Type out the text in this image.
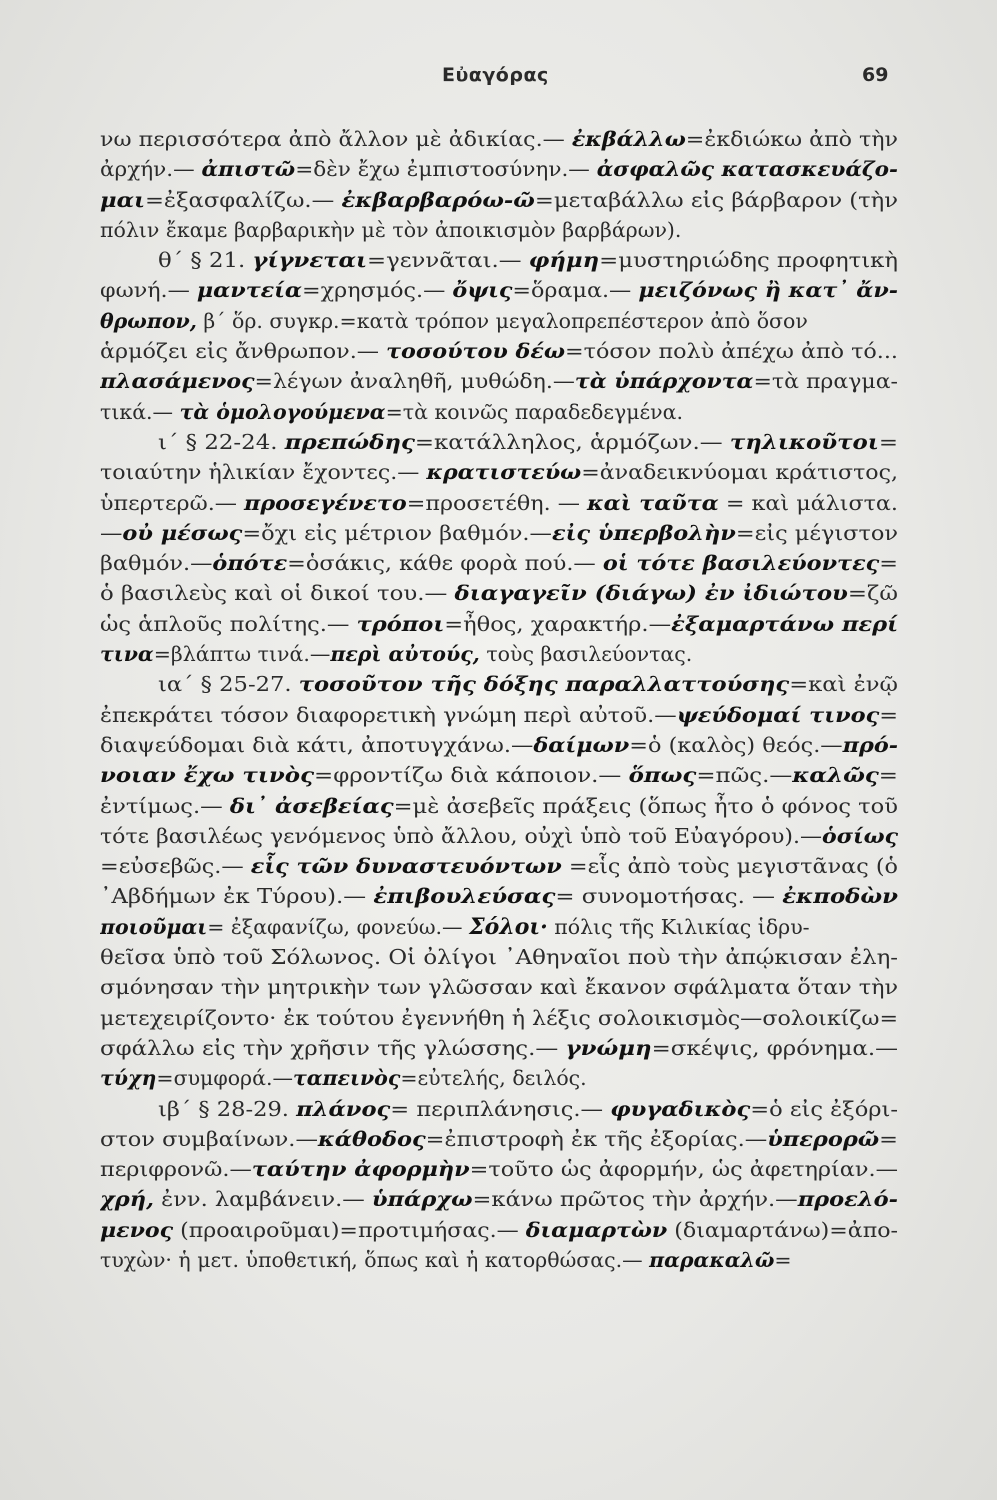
Εὐαγόρας	69
νω περισσότερα ἀπὸ ἄλλον μὲ ἀδικίας.— ἐκβάλλω=ἐκδιώκω ἀπὸ τὴν
ἀρχήν.— ἀπιστῶ=δὲν ἔχω ἐμπιστοσύνην.— ἀσφαλῶς κατασκευάζο-
μαι=ἐξασφαλίζω.— ἐκβαρβαρόω-ῶ=μεταβάλλω εἰς βάρβαρον (τὴν
πόλιν ἔκαμε βαρβαρικὴν μὲ τὸν ἀποικισμὸν βαρβάρων).
θ´ § 21. γίγνεται=γεννᾶται.— φήμη=μυστηριώδης προφητικὴ
φωνή.— μαντεία=χρησμός.— ὄψις=ὅραμα.— μειζόνως ἢ κατ᾽ ἄν-
θρωπον, β´ ὅρ. συγκρ.=κατὰ τρόπον μεγαλοπρεπέστερον ἀπὸ ὅσον
ἁρμόζει εἰς ἄνθρωπον.— τοσούτου δέω=τόσον πολὺ ἀπέχω ἀπὸ τό...
πλασάμενος=λέγων ἀναληθῆ, μυθώδη.—τὰ ὑπάρχοντα=τὰ πραγμα-
τικά.— τὰ ὁμολογούμενα=τὰ κοινῶς παραδεδεγμένα.
ι´ § 22-24. πρεπώδης=κατάλληλος, ἁρμόζων.— τηλικοῦτοι=
τοιαύτην ἡλικίαν ἔχοντες.— κρατιστεύω=ἀναδεικνύομαι κράτιστος,
ὑπερτερῶ.— προσεγένετο=προσετέθη. — καὶ ταῦτα = καὶ μάλιστα.
—οὐ μέσως=ὄχι εἰς μέτριον βαθμόν.—εἰς ὑπερβολὴν=εἰς μέγιστον
βαθμόν.—ὁπότε=ὁσάκις, κάθε φορὰ πού.— οἱ τότε βασιλεύοντες=
ὁ βασιλεὺς καὶ οἱ δικοί του.— διαγαγεῖν (διάγω) ἐν ἰδιώτου=ζῶ
ὡς ἁπλοῦς πολίτης.— τρόποι=ἦθος, χαρακτήρ.—ἐξαμαρτάνω περί
τινα=βλάπτω τινά.—περὶ αὐτούς, τοὺς βασιλεύοντας.
ια´ § 25-27. τοσοῦτον τῆς δόξης παραλλαττούσης=καὶ ἐνῷ
ἐπεκράτει τόσον διαφορετικὴ γνώμη περὶ αὐτοῦ.—ψεύδομαί τινος=
διαψεύδομαι διὰ κάτι, ἀποτυγχάνω.—δαίμων=ὁ (καλὸς) θεός.—πρό-
νοιαν ἔχω τινὸς=φροντίζω διὰ κάποιον.— ὅπως=πῶς.—καλῶς=
ἐντίμως.— δι᾽ ἀσεβείας=μὲ ἀσεβεῖς πράξεις (ὅπως ἦτο ὁ φόνος τοῦ
τότε βασιλέως γενόμενος ὑπὸ ἄλλου, οὐχὶ ὑπὸ τοῦ Εὐαγόρου).—ὁσίως
=εὐσεβῶς.— εἷς τῶν δυναστευόντων =εἷς ἀπὸ τοὺς μεγιστᾶνας (ὁ
᾽Αβδήμων ἐκ Τύρου).— ἐπιβουλεύσας= συνομοτήσας. — ἐκποδὼν
ποιοῦμαι= ἐξαφανίζω, φονεύω.— Σόλοι· πόλις τῆς Κιλικίας ἱδρυ-
θεῖσα ὑπὸ τοῦ Σόλωνος. Οἱ ὀλίγοι ᾽Αθηναῖοι ποὺ τὴν ἀπῴκισαν ἐλη-
σμόνησαν τὴν μητρικὴν των γλῶσσαν καὶ ἔκανον σφάλματα ὅταν τὴν
μετεχειρίζοντο· ἐκ τούτου ἐγεννήθη ἡ λέξις σολοικισμὸς—σολοικίζω=
σφάλλω εἰς τὴν χρῆσιν τῆς γλώσσης.— γνώμη=σκέψις, φρόνημα.—
τύχη=συμφορά.—ταπεινὸς=εὐτελής, δειλός.
ιβ´ § 28-29. πλάνος= περιπλάνησις.— φυγαδικὸς=ὁ εἰς ἐξόρι-
στον συμβαίνων.—κάθοδος=ἐπιστροφὴ ἐκ τῆς ἐξορίας.—ὑπερορῶ=
περιφρονῶ.—ταύτην ἀφορμὴν=τοῦτο ὡς ἀφορμήν, ὡς ἀφετηρίαν.—
χρή, ἐνν. λαμβάνειν.— ὑπάρχω=κάνω πρῶτος τὴν ἀρχήν.—προελό-
μενος (προαιροῦμαι)=προτιμήσας.— διαμαρτὼν (διαμαρτάνω)=ἀπο-
τυχὼν· ἡ μετ. ὑποθετική, ὅπως καὶ ἡ κατορθώσας.— παρακαλῶ=
